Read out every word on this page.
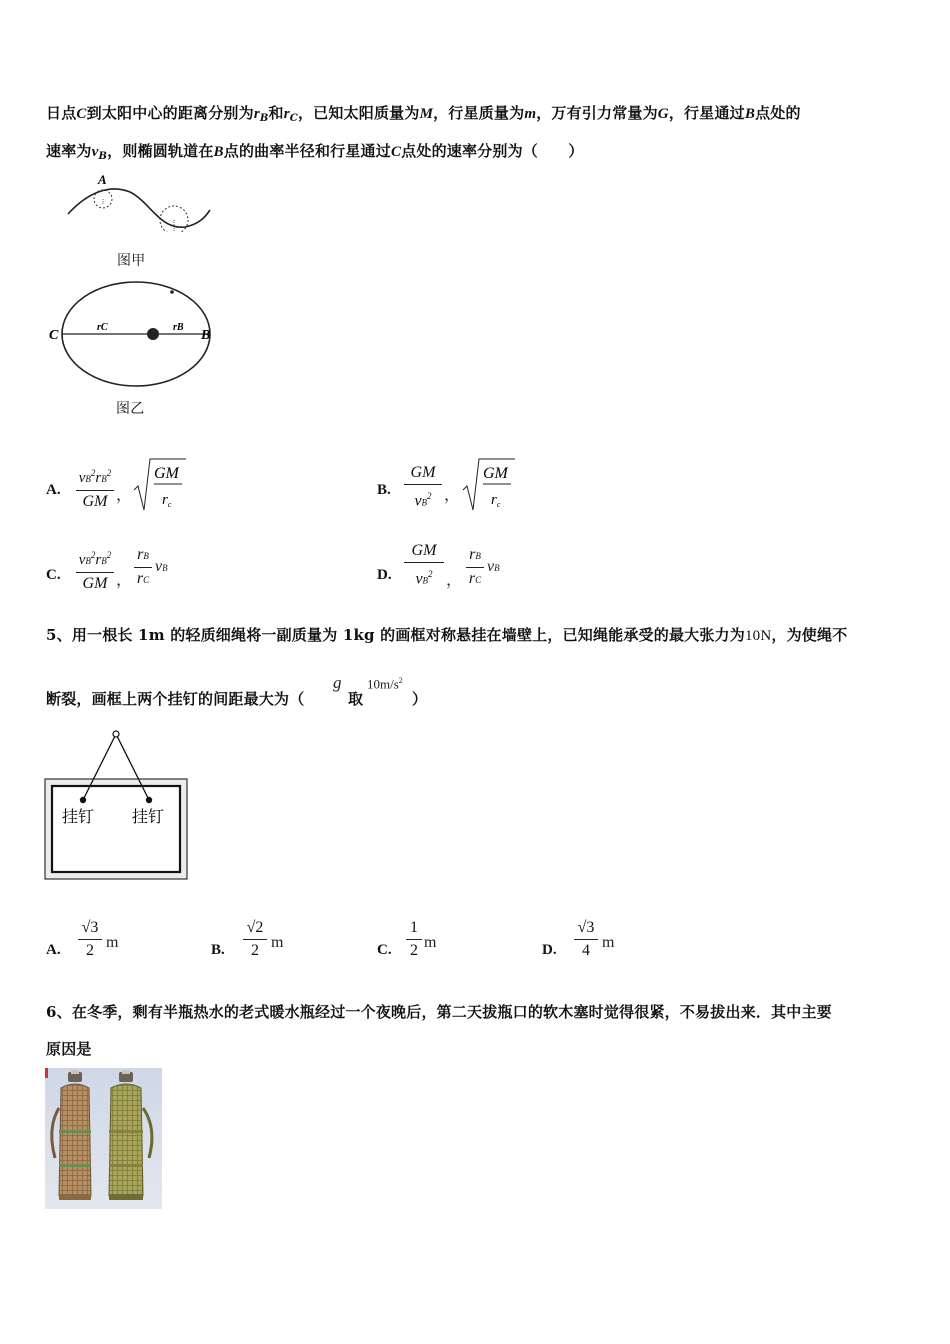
日点C到太阳中心的距离分别为$r_B$和$r_C$，已知太阳质量为M，行星质量为m，万有引力常量为G，行星通过B点处的
速率为$v_B$，则椭圆轨道在B点的曲率半径和行星通过C点处的速率分别为（　　）
A
图甲
C	B
rC	rB
图乙
A.
$vB^2rB^2$
GM ，
GM
$r_c$
B.
GM
$vB^2$ ，
GM
$r_c$
C.
$vB^2rB^2$
GM ，
rB
rC
vB	D.
GM
$vB^2$ ，
rB
rC
vB
5、用一根长 1m 的轻质细绳将一副质量为 1kg 的画框对称悬挂在墙壁上，已知绳能承受的最大张力为10N，为使绳不
断裂，画框上两个挂钉的间距最大为（
g
取
$10m/s^2$
）
挂钉 挂钉
A.
√3
2 m	B.
√2
2 m	C.
1
2 m	D.
√3
4 m
6、在冬季，剩有半瓶热水的老式暖水瓶经过一个夜晚后，第二天拔瓶口的软木塞时觉得很紧，不易拔出来．其中主要
原因是
